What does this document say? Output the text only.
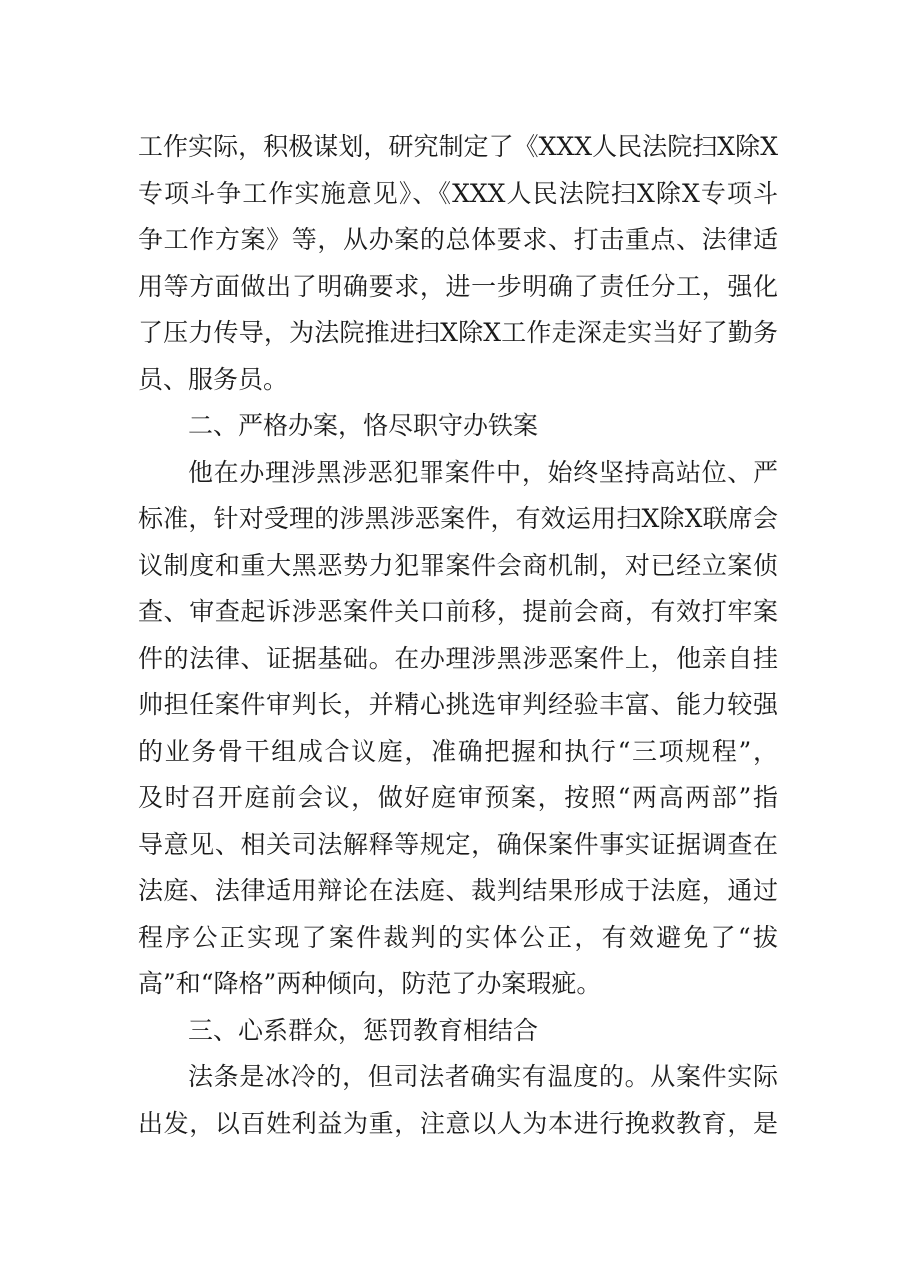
工作实际，积极谋划，研究制定了《XXX人民法院扫X除X
专项斗争工作实施意见》、《XXX人民法院扫X除X专项斗
争工作方案》等，从办案的总体要求、打击重点、法律适
用等方面做出了明确要求，进一步明确了责任分工，强化
了压力传导，为法院推进扫X除X工作走深走实当好了勤务
员、服务员。
二、严格办案，恪尽职守办铁案
他在办理涉黑涉恶犯罪案件中，始终坚持高站位、严
标准，针对受理的涉黑涉恶案件，有效运用扫X除X联席会
议制度和重大黑恶势力犯罪案件会商机制，对已经立案侦
查、审查起诉涉恶案件关口前移，提前会商，有效打牢案
件的法律、证据基础。在办理涉黑涉恶案件上，他亲自挂
帅担任案件审判长，并精心挑选审判经验丰富、能力较强
的业务骨干组成合议庭，准确把握和执行“三项规程”，
及时召开庭前会议，做好庭审预案，按照“两高两部”指
导意见、相关司法解释等规定，确保案件事实证据调查在
法庭、法律适用辩论在法庭、裁判结果形成于法庭，通过
程序公正实现了案件裁判的实体公正，有效避免了“拔
高”和“降格”两种倾向，防范了办案瑕疵。
三、心系群众，惩罚教育相结合
法条是冰冷的，但司法者确实有温度的。从案件实际
出发，以百姓利益为重，注意以人为本进行挽救教育，是
